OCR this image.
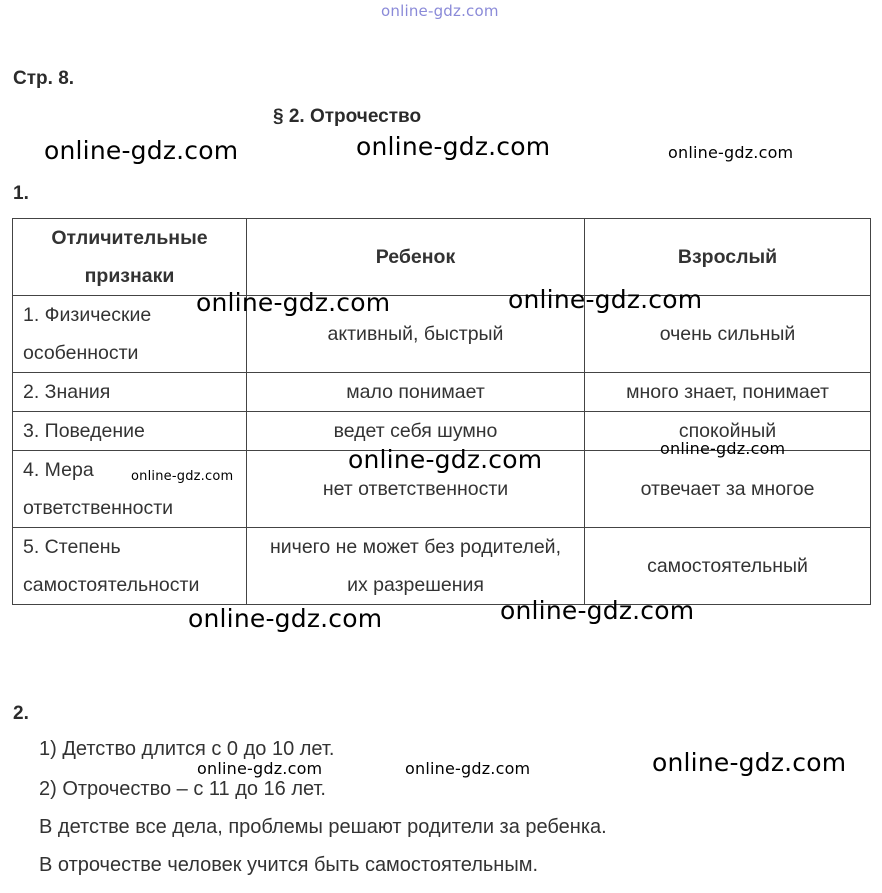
online-gdz.com
Стр. 8.
§ 2. Отрочество
1.
Отличительные признаки	Ребенок	Взрослый
1. Физические особенности	активный, быстрый	очень сильный
2. Знания	мало понимает	много знает, понимает
3. Поведение	ведет себя шумно	спокойный
4. Мера ответственности	нет ответственности	отвечает за многое
5. Степень самостоятельности	ничего не может без родителей, их разрешения	самостоятельный
2.
1) Детство длится с 0 до 10 лет.
2) Отрочество – с 11 до 16 лет.
В детстве все дела, проблемы решают родители за ребенка.
В отрочестве человек учится быть самостоятельным.
online-gdz.com	online-gdz.com	online-gdz.com
online-gdz.com	online-gdz.com
online-gdz.com
online-gdz.com
online-gdz.com
online-gdz.com	online-gdz.com
online-gdz.com	online-gdz.com	online-gdz.com
